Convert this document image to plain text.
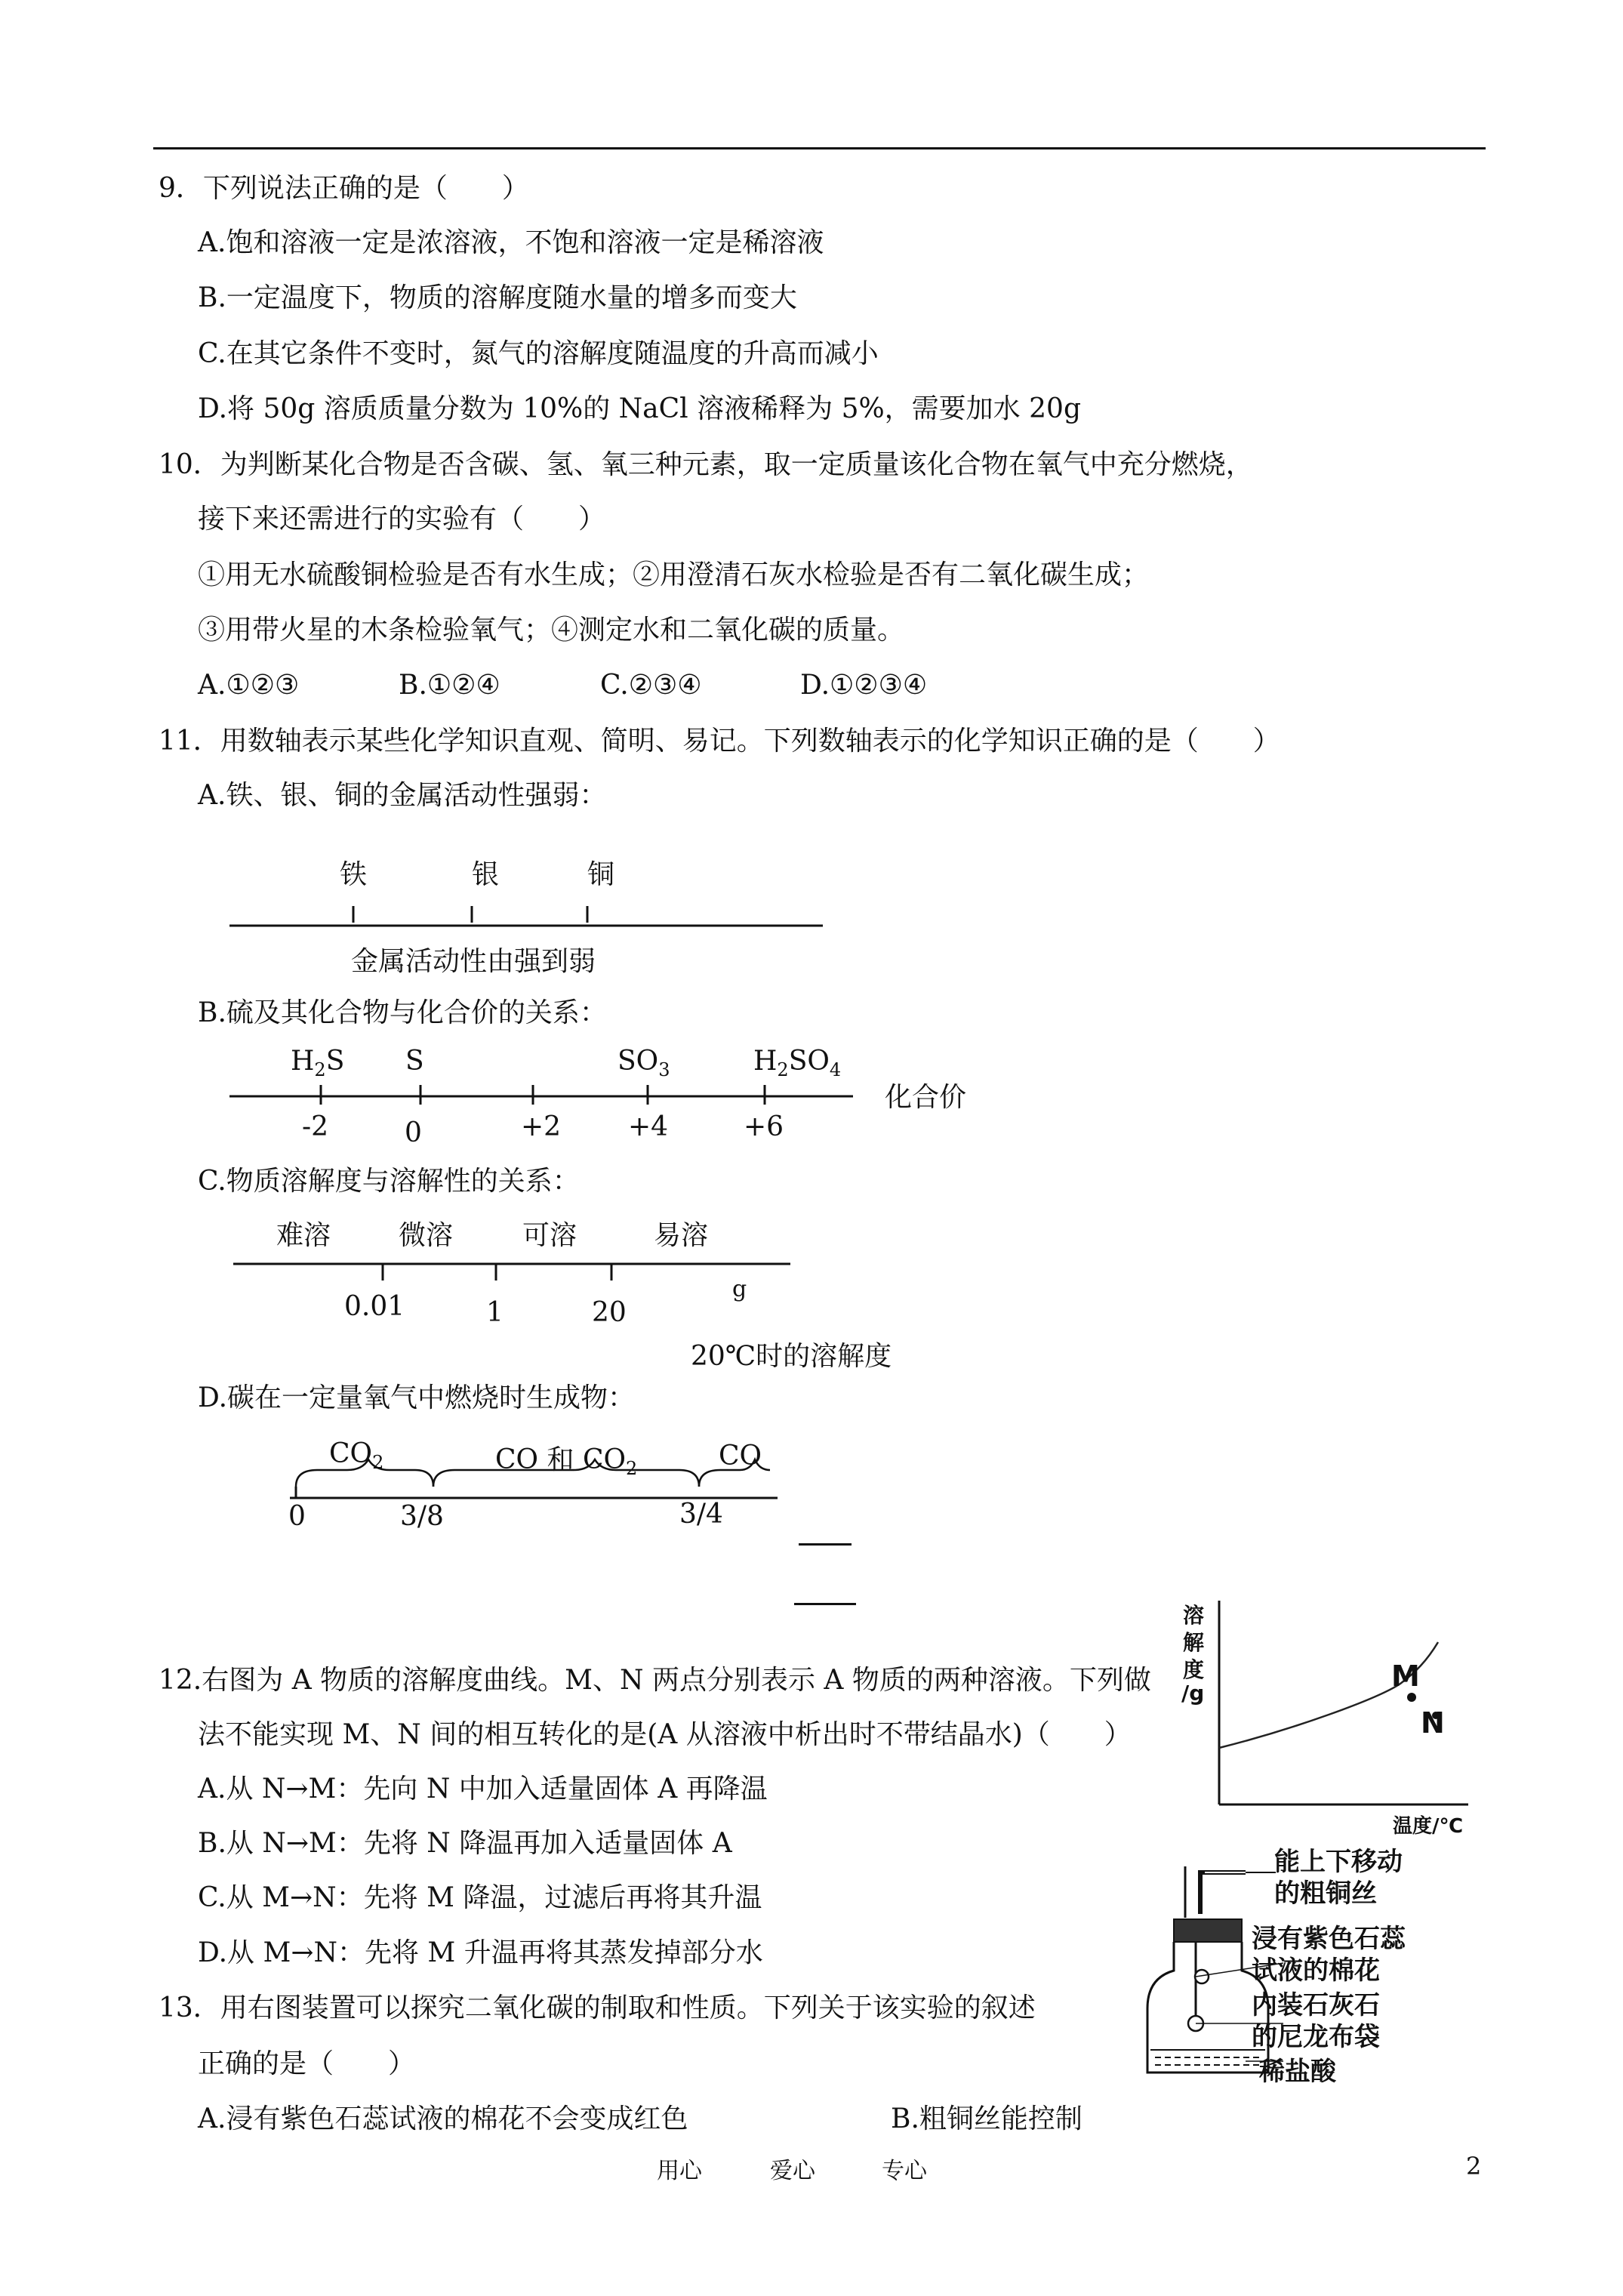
9．下列说法正确的是（　　）
A.饱和溶液一定是浓溶液，不饱和溶液一定是稀溶液
B.一定温度下，物质的溶解度随水量的增多而变大
C.在其它条件不变时，氮气的溶解度随温度的升高而减小
D.将 50g 溶质质量分数为 10%的 NaCl 溶液稀释为 5%，需要加水 20g
10．为判断某化合物是否含碳、氢、氧三种元素，取一定质量该化合物在氧气中充分燃烧，
接下来还需进行的实验有（　　）
①用无水硫酸铜检验是否有水生成；②用澄清石灰水检验是否有二氧化碳生成；
③用带火星的木条检验氧气；④测定水和二氧化碳的质量。
A.①②③	B.①②④	C.②③④	D.①②③④
11．用数轴表示某些化学知识直观、简明、易记。下列数轴表示的化学知识正确的是（　　）
A.铁、银、铜的金属活动性强弱：
铁	银	铜
金属活动性由强到弱
B.硫及其化合物与化合价的关系：
$H_2S$ S	$SO_3$	$H_2SO_4$
化合价
-2	0	+2 +4	+6
C.物质溶解度与溶解性的关系：
难溶 微溶	可溶	易溶
0.01	1	20
g
20℃时的溶解度
D.碳在一定量氧气中燃烧时生成物：
$CO_2$	CO 和 $CO_2$	CO
0	3/8	3/4
12.右图为 A 物质的溶解度曲线。M、N 两点分别表示 A 物质的两种溶液。下列做
法不能实现 M、N 间的相互转化的是(A 从溶液中析出时不带结晶水)（　　）
A.从 N→M：先向 N 中加入适量固体 A 再降温
B.从 N→M：先将 N 降温再加入适量固体 A
C.从 M→N：先将 M 降温，过滤后再将其升温
D.从 M→N：先将 M 升温再将其蒸发掉部分水
溶
解
度
/g
M
N
温度/℃
能上下移动
的粗铜丝
浸有紫色石蕊
试液的棉花
内装石灰石
的尼龙布袋
稀盐酸
13．用右图装置可以探究二氧化碳的制取和性质。下列关于该实验的叙述
正确的是（　　）
A.浸有紫色石蕊试液的棉花不会变成红色	B.粗铜丝能控制
用心	爱心	专心	2
